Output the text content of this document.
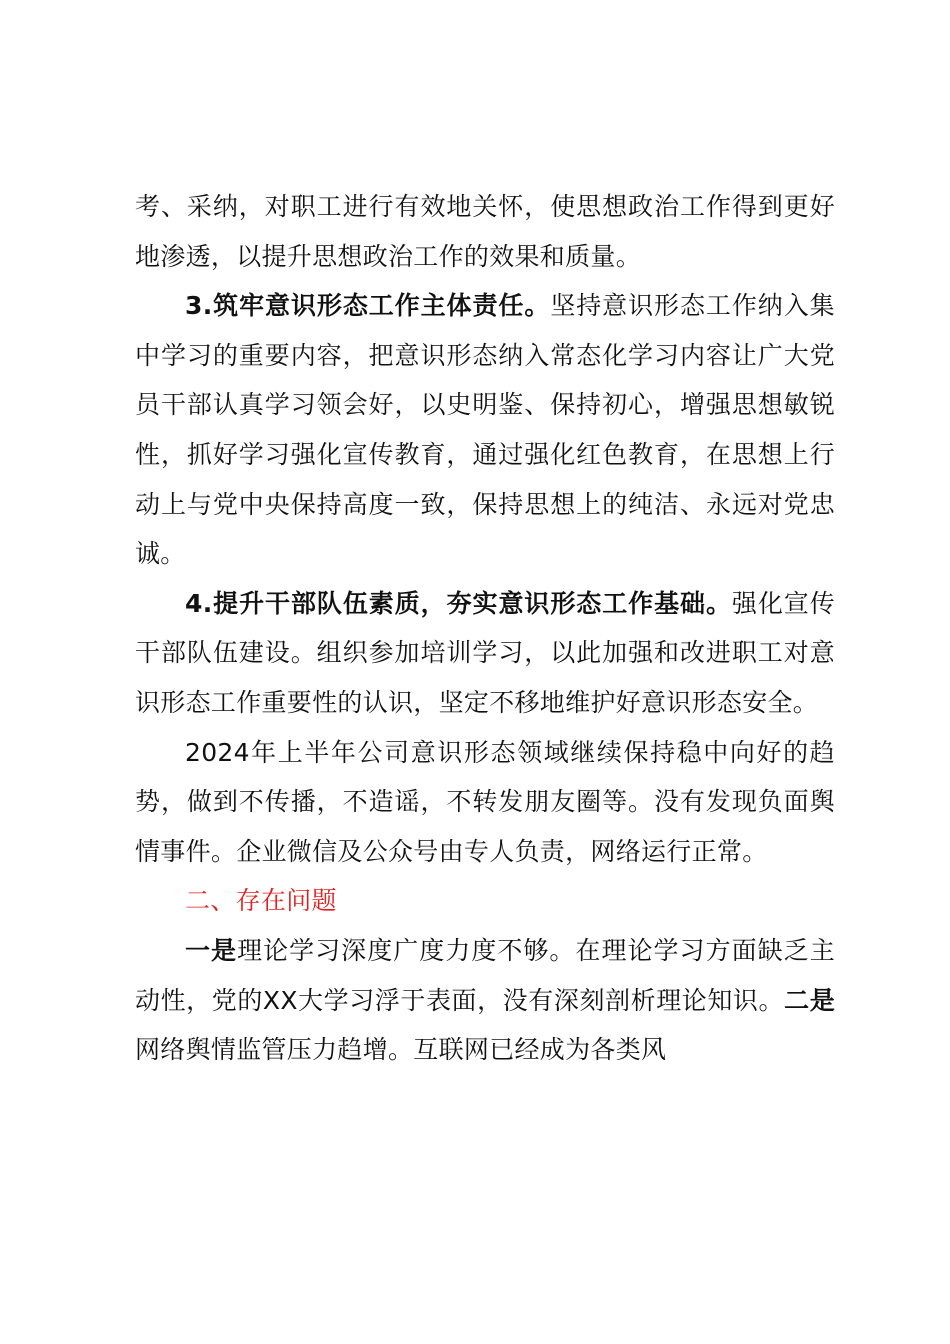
考、采纳，对职工进行有效地关怀，使思想政治工作得到更好地渗透，以提升思想政治工作的效果和质量。

3.筑牢意识形态工作主体责任。坚持意识形态工作纳入集中学习的重要内容，把意识形态纳入常态化学习内容让广大党员干部认真学习领会好，以史明鉴、保持初心，增强思想敏锐性，抓好学习强化宣传教育，通过强化红色教育，在思想上行动上与党中央保持高度一致，保持思想上的纯洁、永远对党忠诚。

4.提升干部队伍素质，夯实意识形态工作基础。强化宣传干部队伍建设。组织参加培训学习，以此加强和改进职工对意识形态工作重要性的认识，坚定不移地维护好意识形态安全。

2024年上半年公司意识形态领域继续保持稳中向好的趋势，做到不传播，不造谣，不转发朋友圈等。没有发现负面舆情事件。企业微信及公众号由专人负责，网络运行正常。

二、存在问题

一是理论学习深度广度力度不够。在理论学习方面缺乏主动性，党的XX大学习浮于表面，没有深刻剖析理论知识。二是网络舆情监管压力趋增。互联网已经成为各类风
